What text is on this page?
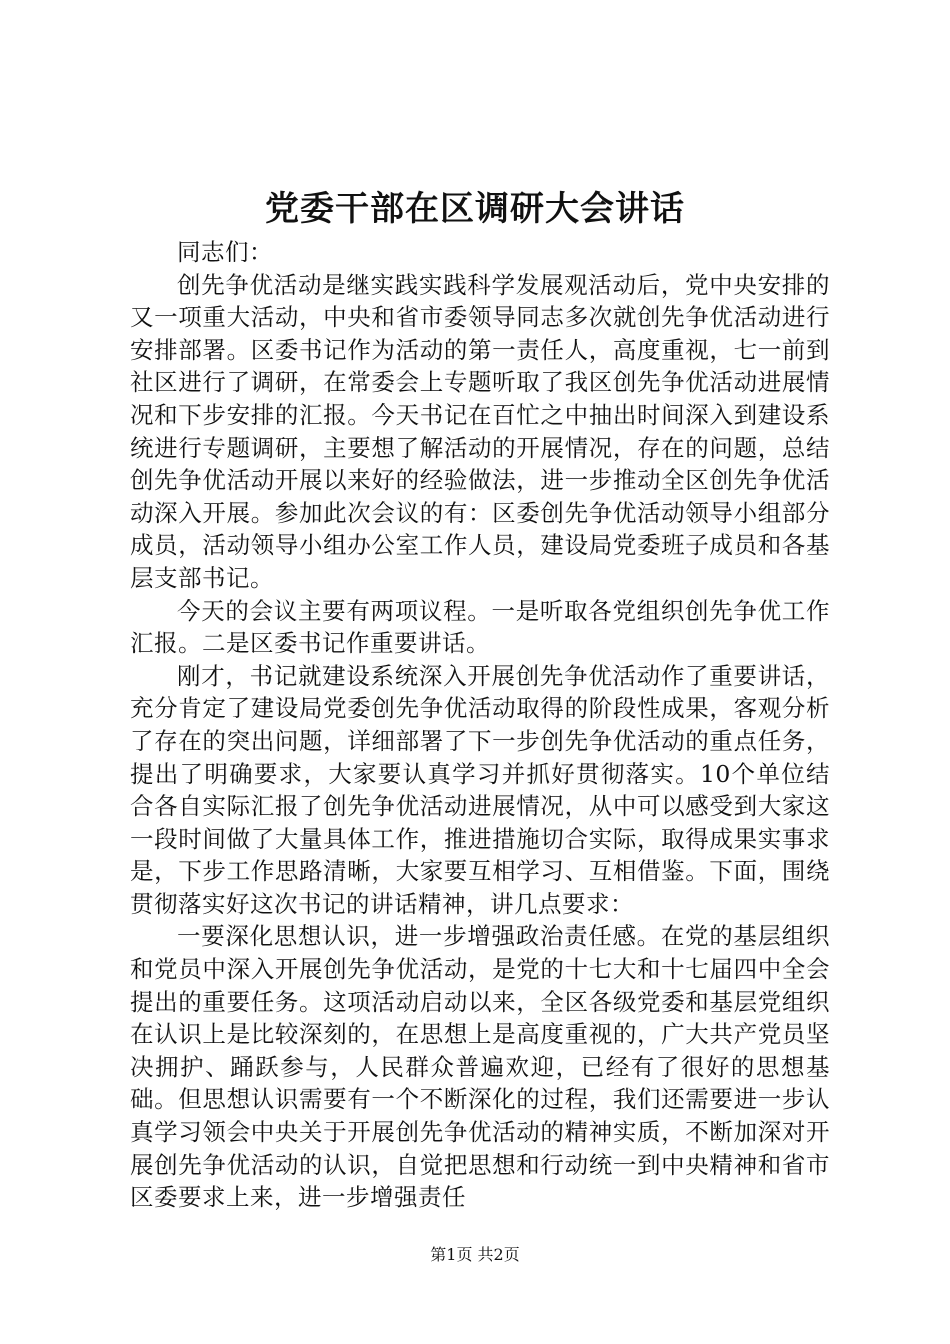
党委干部在区调研大会讲话

同志们：

创先争优活动是继实践实践科学发展观活动后，党中央安排的又一项重大活动，中央和省市委领导同志多次就创先争优活动进行安排部署。区委书记作为活动的第一责任人，高度重视，七一前到社区进行了调研，在常委会上专题听取了我区创先争优活动进展情况和下步安排的汇报。今天书记在百忙之中抽出时间深入到建设系统进行专题调研，主要想了解活动的开展情况，存在的问题，总结创先争优活动开展以来好的经验做法，进一步推动全区创先争优活动深入开展。参加此次会议的有：区委创先争优活动领导小组部分成员，活动领导小组办公室工作人员，建设局党委班子成员和各基层支部书记。

今天的会议主要有两项议程。一是听取各党组织创先争优工作汇报。二是区委书记作重要讲话。

刚才，书记就建设系统深入开展创先争优活动作了重要讲话，充分肯定了建设局党委创先争优活动取得的阶段性成果，客观分析了存在的突出问题，详细部署了下一步创先争优活动的重点任务，提出了明确要求，大家要认真学习并抓好贯彻落实。10个单位结合各自实际汇报了创先争优活动进展情况，从中可以感受到大家这一段时间做了大量具体工作，推进措施切合实际，取得成果实事求是，下步工作思路清晰，大家要互相学习、互相借鉴。下面，围绕贯彻落实好这次书记的讲话精神，讲几点要求：

一要深化思想认识，进一步增强政治责任感。在党的基层组织和党员中深入开展创先争优活动，是党的十七大和十七届四中全会提出的重要任务。这项活动启动以来，全区各级党委和基层党组织在认识上是比较深刻的，在思想上是高度重视的，广大共产党员坚决拥护、踊跃参与，人民群众普遍欢迎，已经有了很好的思想基础。但思想认识需要有一个不断深化的过程，我们还需要进一步认真学习领会中央关于开展创先争优活动的精神实质，不断加深对开展创先争优活动的认识，自觉把思想和行动统一到中央精神和省市区委要求上来，进一步增强责任

第1页 共2页
